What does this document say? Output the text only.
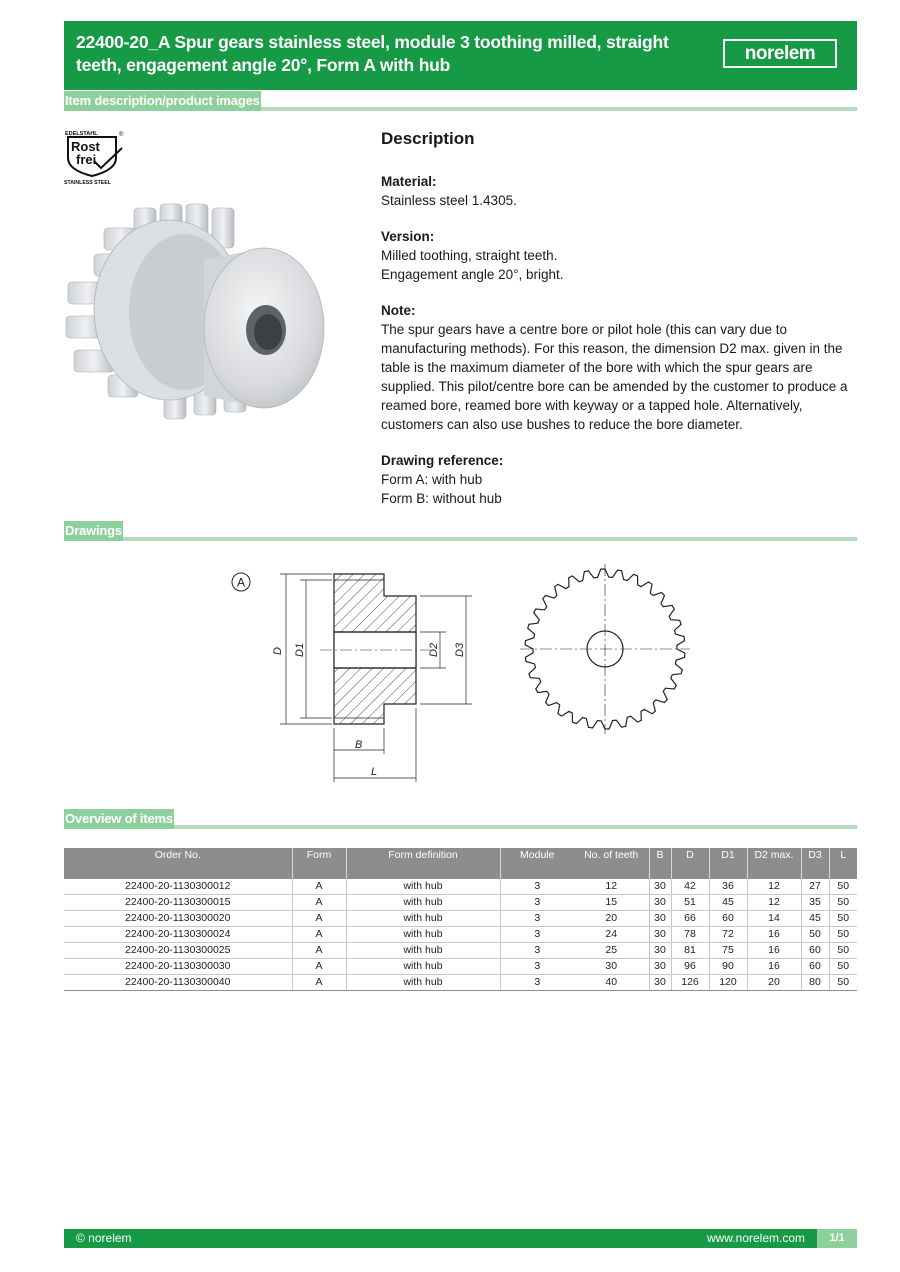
22400-20_A Spur gears stainless steel, module 3 toothing milled, straight teeth, engagement angle 20°, Form A with hub
norelem
Item description/product images
EDELSTAHL	®
Rost
frei
STAINLESS STEEL
Description
Material:
Stainless steel 1.4305.
Version:
Milled toothing, straight teeth.
Engagement angle 20°, bright.
Note:
The spur gears have a centre bore or pilot hole (this can vary due to manufacturing methods). For this reason, the dimension D2 max. given in the table is the maximum diameter of the bore with which the spur gears are supplied. This pilot/centre bore can be amended by the customer to produce a reamed bore, reamed bore with keyway or a tapped hole. Alternatively, customers can also use bushes to reduce the bore diameter.
Drawing reference:
Form A: with hub
Form B: without hub
Drawings
A
D D1	D2 D3
B
L
Overview of items
Order No.	Form	Form definition	Module	No. of teeth	B	D	D1	D2 max.	D3	L
22400-20-1130300012	A	with hub	3	12	30	42	36	12	27	50
22400-20-1130300015	A	with hub	3	15	30	51	45	12	35	50
22400-20-1130300020	A	with hub	3	20	30	66	60	14	45	50
22400-20-1130300024	A	with hub	3	24	30	78	72	16	50	50
22400-20-1130300025	A	with hub	3	25	30	81	75	16	60	50
22400-20-1130300030	A	with hub	3	30	30	96	90	16	60	50
22400-20-1130300040	A	with hub	3	40	30	126	120	20	80	50
© norelem	www.norelem.com	1/1
